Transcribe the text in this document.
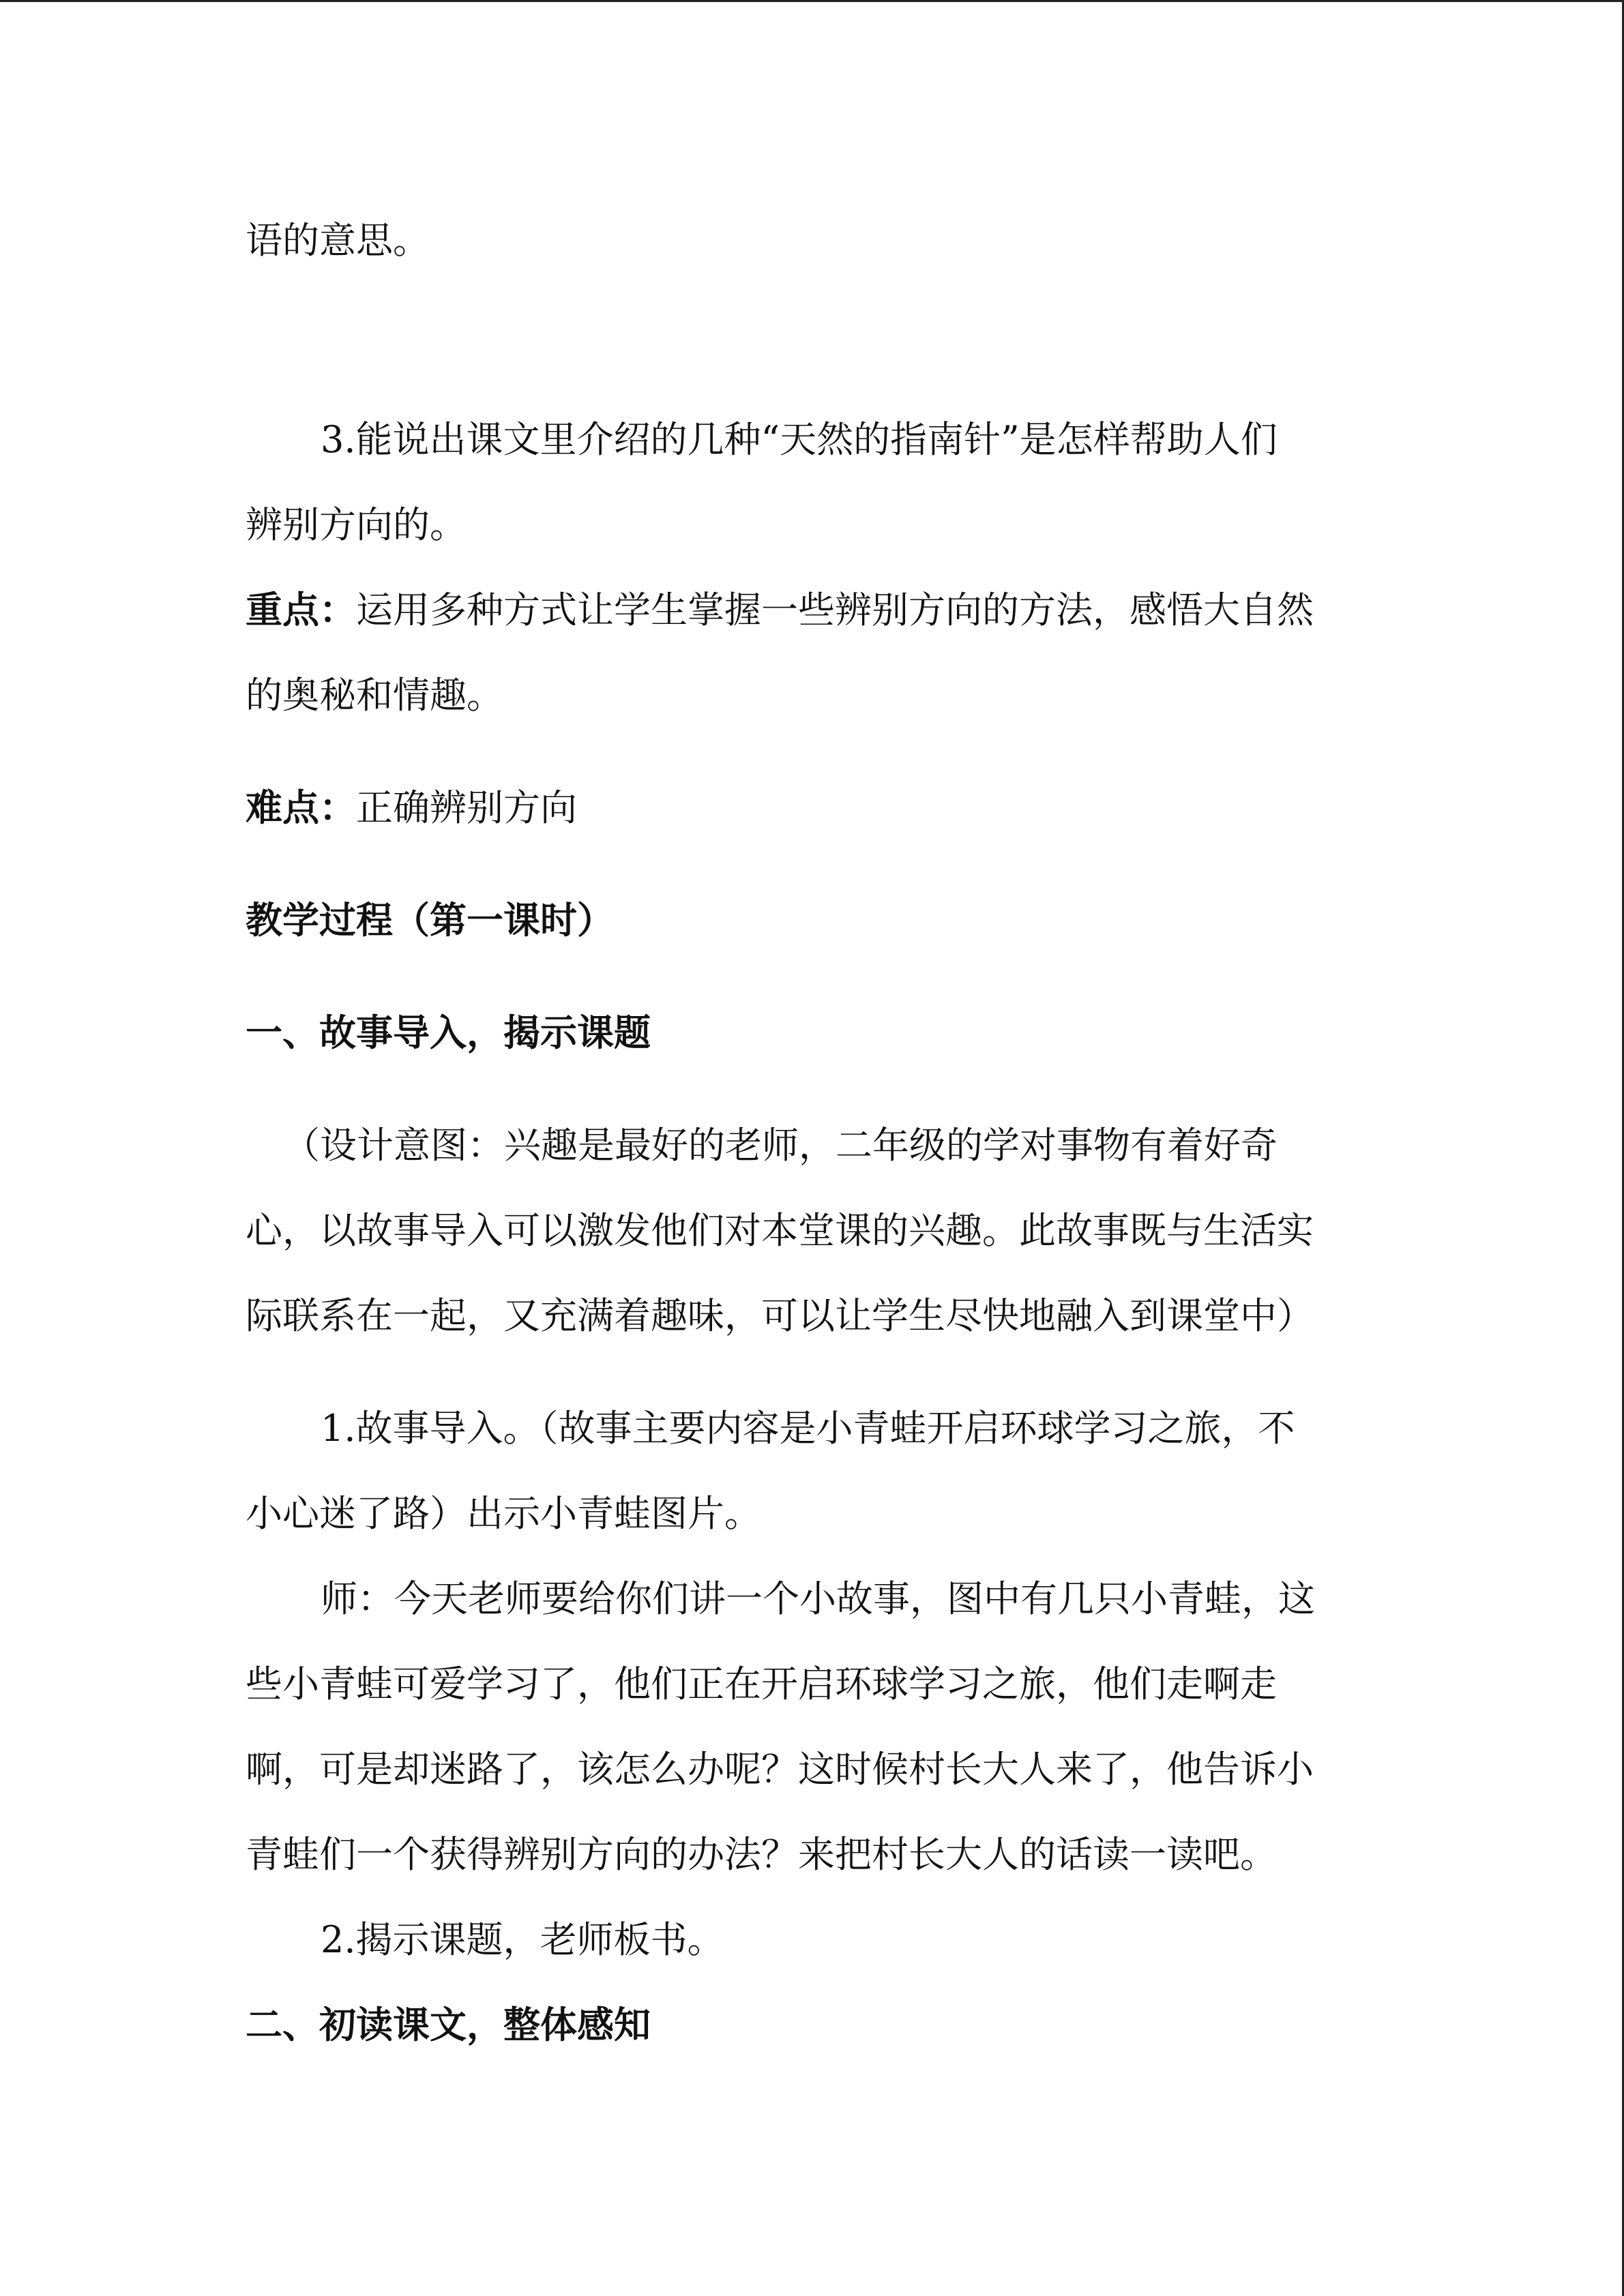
语的意思。
3.能说出课文里介绍的几种“天然的指南针”是怎样帮助人们
辨别方向的。
重点：运用多种方式让学生掌握一些辨别方向的方法，感悟大自然
的奥秘和情趣。
难点：正确辨别方向
教学过程（第一课时）
一、故事导入，揭示课题
（设计意图：兴趣是最好的老师，二年级的学对事物有着好奇
心，以故事导入可以激发他们对本堂课的兴趣。此故事既与生活实
际联系在一起，又充满着趣味，可以让学生尽快地融入到课堂中）
1.故事导入。（故事主要内容是小青蛙开启环球学习之旅，不
小心迷了路）出示小青蛙图片。
师：今天老师要给你们讲一个小故事，图中有几只小青蛙，这
些小青蛙可爱学习了，他们正在开启环球学习之旅，他们走啊走
啊，可是却迷路了，该怎么办呢？这时候村长大人来了，他告诉小
青蛙们一个获得辨别方向的办法？来把村长大人的话读一读吧。
2.揭示课题，老师板书。
二、初读课文，整体感知
